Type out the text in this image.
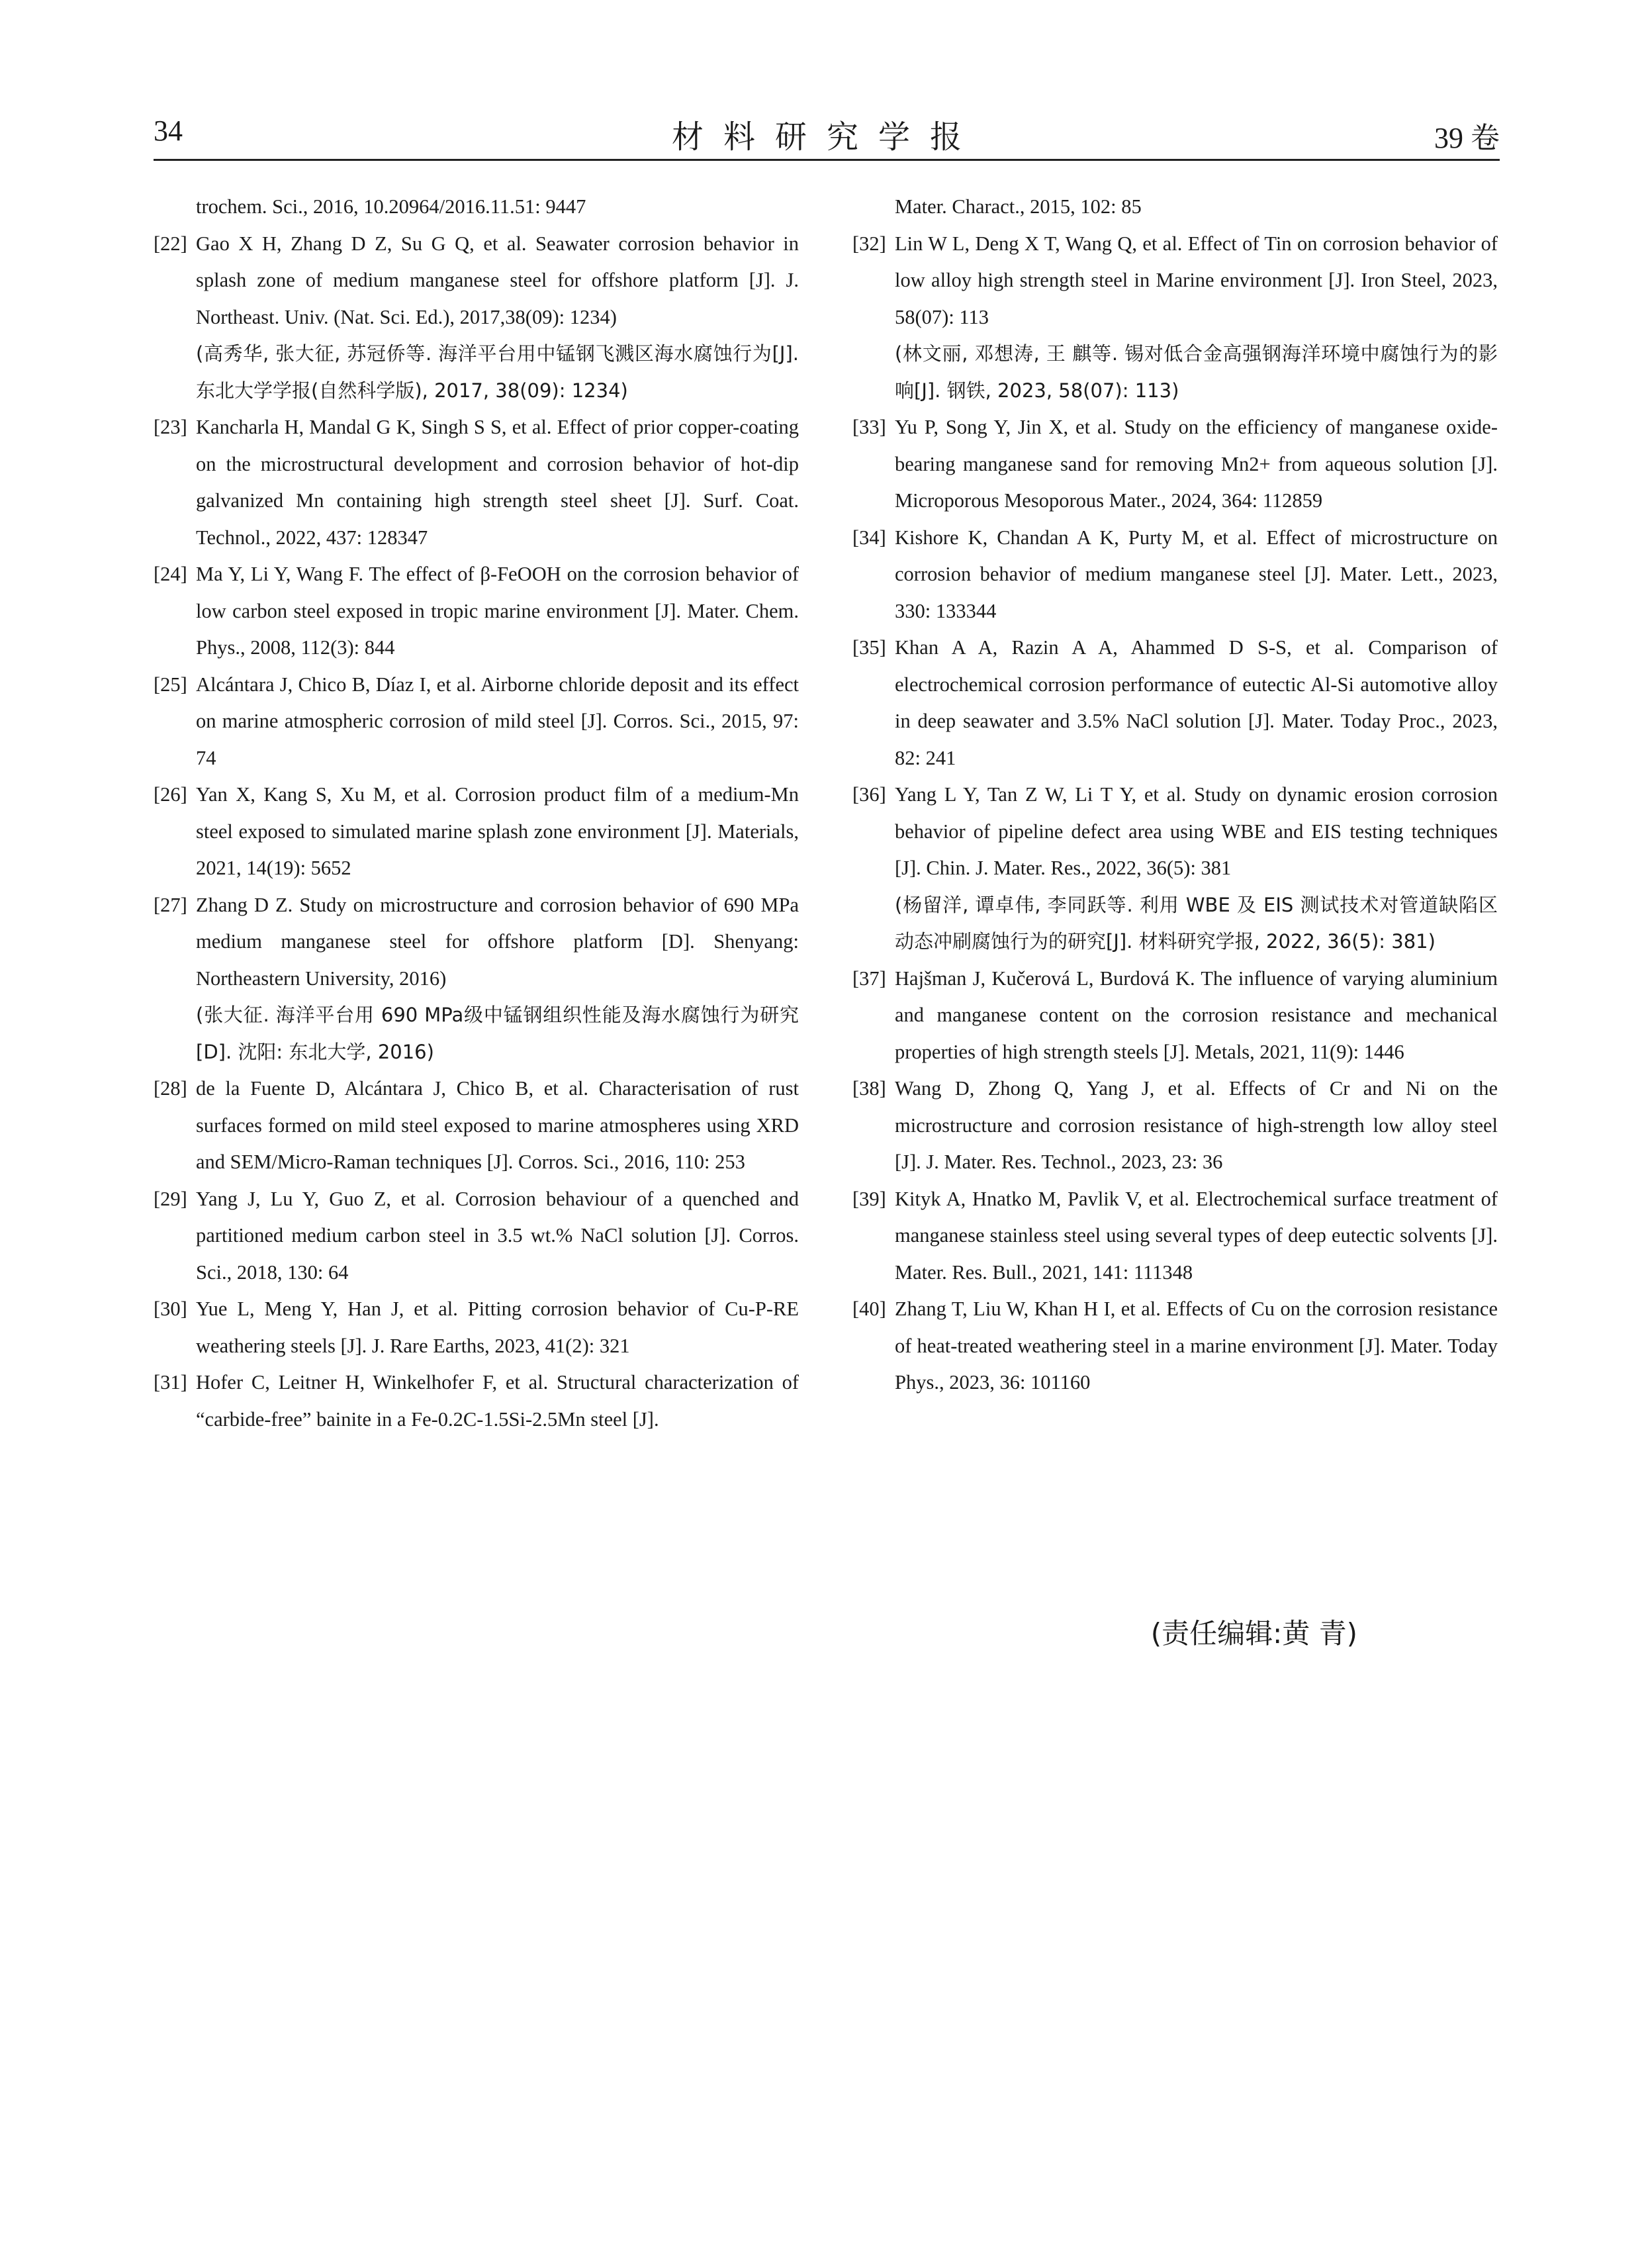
34	材料研究学报	39 卷

trochem. Sci., 2016, 10.20964/2016.11.51: 9447

[22] Gao X H, Zhang D Z, Su G Q, et al. Seawater corrosion behavior in splash zone of medium manganese steel for offshore platform [J]. J. Northeast. Univ. (Nat. Sci. Ed.), 2017,38(09): 1234)
(高秀华, 张大征, 苏冠侨等. 海洋平台用中锰钢飞溅区海水腐蚀行为[J]. 东北大学学报(自然科学版), 2017, 38(09): 1234)

[23] Kancharla H, Mandal G K, Singh S S, et al. Effect of prior copper-coating on the microstructural development and corrosion behavior of hot-dip galvanized Mn containing high strength steel sheet [J]. Surf. Coat. Technol., 2022, 437: 128347

[24] Ma Y, Li Y, Wang F. The effect of β-FeOOH on the corrosion behavior of low carbon steel exposed in tropic marine environment [J]. Mater. Chem. Phys., 2008, 112(3): 844

[25] Alcántara J, Chico B, Díaz I, et al. Airborne chloride deposit and its effect on marine atmospheric corrosion of mild steel [J]. Corros. Sci., 2015, 97: 74

[26] Yan X, Kang S, Xu M, et al. Corrosion product film of a medium-Mn steel exposed to simulated marine splash zone environment [J]. Materials, 2021, 14(19): 5652

[27] Zhang D Z. Study on microstructure and corrosion behavior of 690 MPa medium manganese steel for offshore platform [D]. Shenyang: Northeastern University, 2016)
(张大征. 海洋平台用 690 MPa级中锰钢组织性能及海水腐蚀行为研究 [D]. 沈阳: 东北大学, 2016)

[28] de la Fuente D, Alcántara J, Chico B, et al. Characterisation of rust surfaces formed on mild steel exposed to marine atmospheres using XRD and SEM/Micro-Raman techniques [J]. Corros. Sci., 2016, 110: 253

[29] Yang J, Lu Y, Guo Z, et al. Corrosion behaviour of a quenched and partitioned medium carbon steel in 3.5 wt.% NaCl solution [J]. Corros. Sci., 2018, 130: 64

[30] Yue L, Meng Y, Han J, et al. Pitting corrosion behavior of Cu-P-RE weathering steels [J]. J. Rare Earths, 2023, 41(2): 321

[31] Hofer C, Leitner H, Winkelhofer F, et al. Structural characterization of “carbide-free” bainite in a Fe-0.2C-1.5Si-2.5Mn steel [J].

Mater. Charact., 2015, 102: 85

[32] Lin W L, Deng X T, Wang Q, et al. Effect of Tin on corrosion behavior of low alloy high strength steel in Marine environment [J]. Iron Steel, 2023, 58(07): 113
(林文丽, 邓想涛, 王 麒等. 锡对低合金高强钢海洋环境中腐蚀行为的影响[J]. 钢铁, 2023, 58(07): 113)

[33] Yu P, Song Y, Jin X, et al. Study on the efficiency of manganese oxide-bearing manganese sand for removing Mn2+ from aqueous solution [J]. Microporous Mesoporous Mater., 2024, 364: 112859

[34] Kishore K, Chandan A K, Purty M, et al. Effect of microstructure on corrosion behavior of medium manganese steel [J]. Mater. Lett., 2023, 330: 133344

[35] Khan A A, Razin A A, Ahammed D S-S, et al. Comparison of electrochemical corrosion performance of eutectic Al-Si automotive alloy in deep seawater and 3.5% NaCl solution [J]. Mater. Today Proc., 2023, 82: 241

[36] Yang L Y, Tan Z W, Li T Y, et al. Study on dynamic erosion corrosion behavior of pipeline defect area using WBE and EIS testing techniques [J]. Chin. J. Mater. Res., 2022, 36(5): 381
(杨留洋, 谭卓伟, 李同跃等. 利用 WBE 及 EIS 测试技术对管道缺陷区动态冲刷腐蚀行为的研究[J]. 材料研究学报, 2022, 36(5): 381)

[37] Hajšman J, Kučerová L, Burdová K. The influence of varying aluminium and manganese content on the corrosion resistance and mechanical properties of high strength steels [J]. Metals, 2021, 11(9): 1446

[38] Wang D, Zhong Q, Yang J, et al. Effects of Cr and Ni on the microstructure and corrosion resistance of high-strength low alloy steel [J]. J. Mater. Res. Technol., 2023, 23: 36

[39] Kityk A, Hnatko M, Pavlik V, et al. Electrochemical surface treatment of manganese stainless steel using several types of deep eutectic solvents [J]. Mater. Res. Bull., 2021, 141: 111348

[40] Zhang T, Liu W, Khan H I, et al. Effects of Cu on the corrosion resistance of heat-treated weathering steel in a marine environment [J]. Mater. Today Phys., 2023, 36: 101160

(责任编辑:黄 青)
